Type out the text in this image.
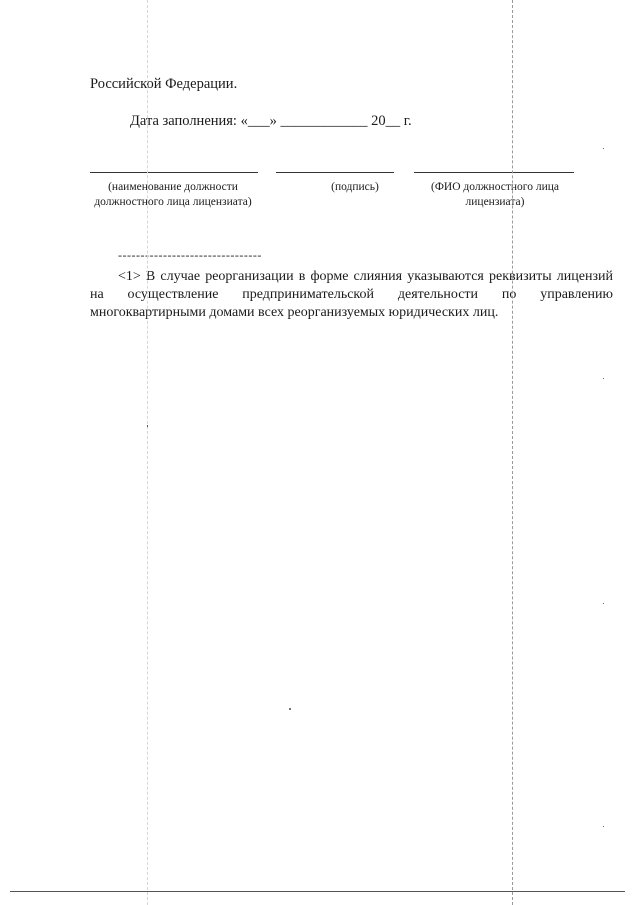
Российской Федерации.
Дата заполнения: «___» ____________ 20__ г.
(наименование должности должностного лица лицензиата)
(подпись)	(ФИО должностного лица лицензиата)
--------------------------------
<1> В случае реорганизации в форме слияния указываются реквизиты лицензий на осуществление предпринимательской деятельности по управлению многоквартирными домами всех реорганизуемых юридических лиц.
